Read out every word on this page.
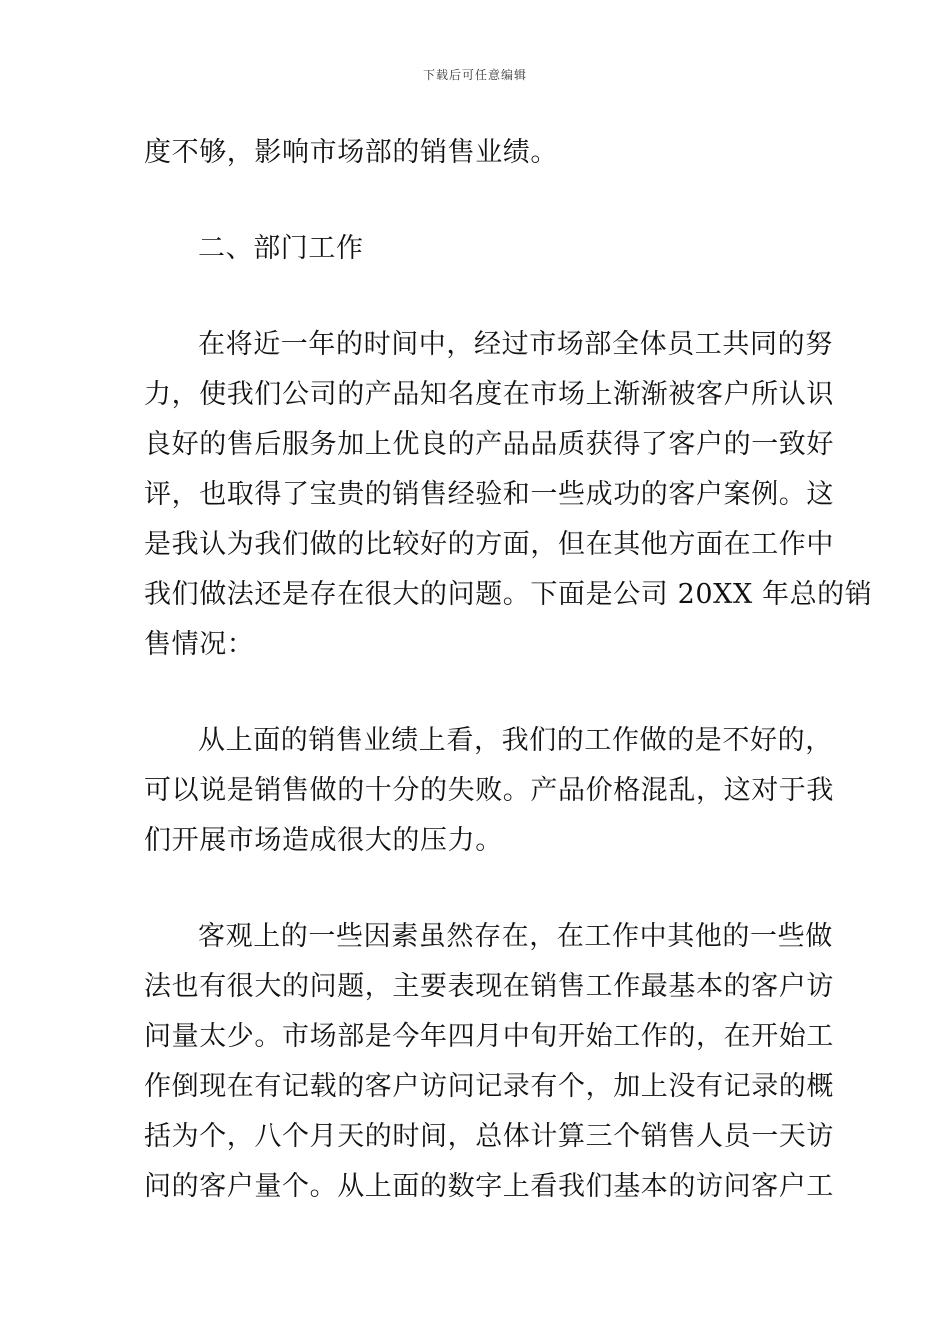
下载后可任意编辑
度不够，影响市场部的销售业绩。
二、部门工作
在将近一年的时间中，经过市场部全体员工共同的努
力，使我们公司的产品知名度在市场上渐渐被客户所认识
良好的售后服务加上优良的产品品质获得了客户的一致好
评，也取得了宝贵的销售经验和一些成功的客户案例。这
是我认为我们做的比较好的方面，但在其他方面在工作中
我们做法还是存在很大的问题。下面是公司 20XX 年总的销
售情况：
从上面的销售业绩上看，我们的工作做的是不好的，
可以说是销售做的十分的失败。产品价格混乱，这对于我
们开展市场造成很大的压力。
客观上的一些因素虽然存在，在工作中其他的一些做
法也有很大的问题，主要表现在销售工作最基本的客户访
问量太少。市场部是今年四月中旬开始工作的，在开始工
作倒现在有记载的客户访问记录有个，加上没有记录的概
括为个，八个月天的时间，总体计算三个销售人员一天访
问的客户量个。从上面的数字上看我们基本的访问客户工
